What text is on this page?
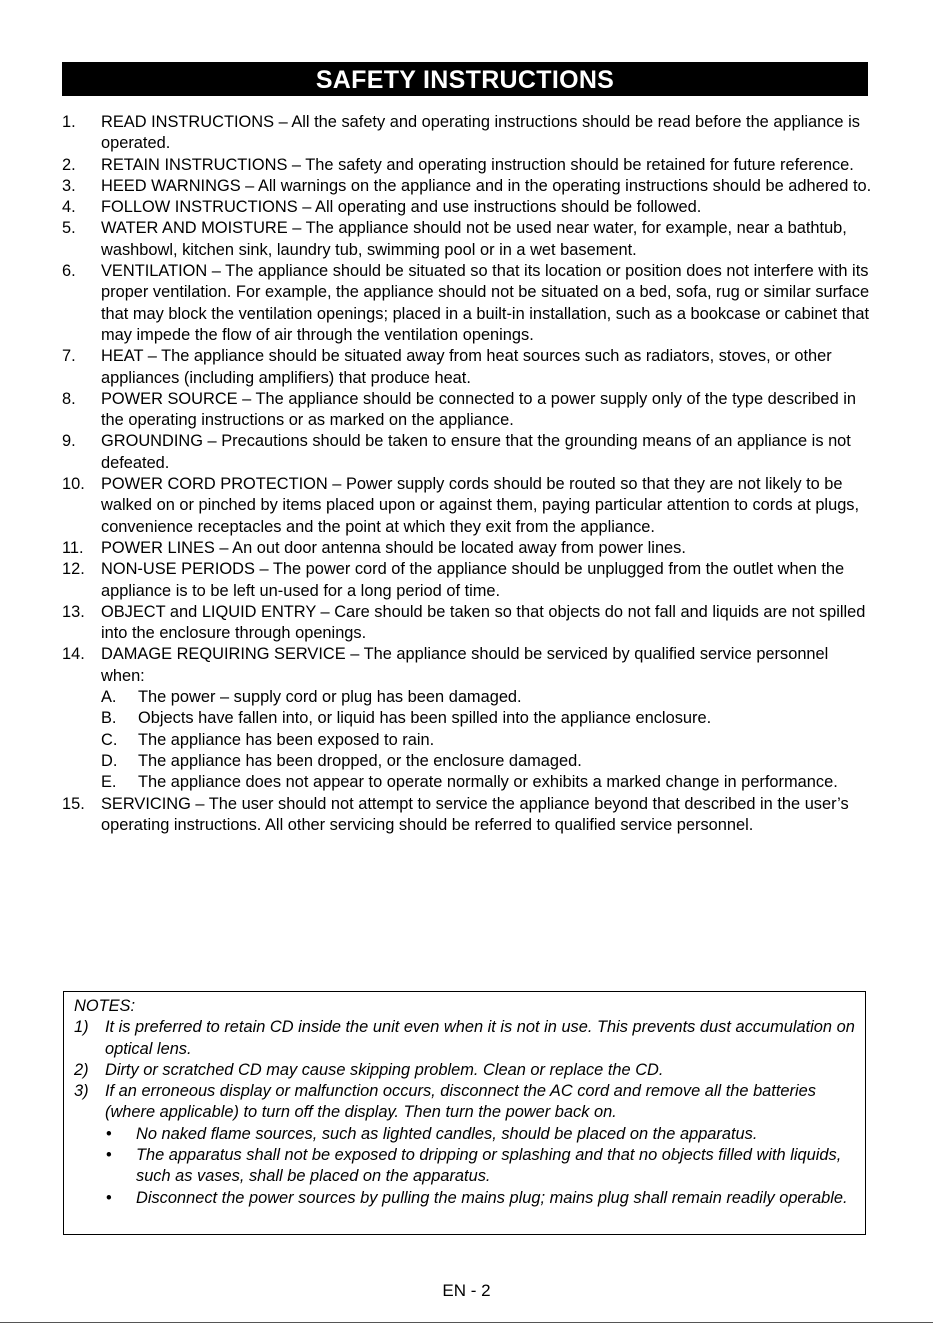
SAFETY INSTRUCTIONS
1. READ INSTRUCTIONS – All the safety and operating instructions should be read before the appliance is operated.
2. RETAIN INSTRUCTIONS – The safety and operating instruction should be retained for future reference.
3. HEED WARNINGS – All warnings on the appliance and in the operating instructions should be adhered to.
4. FOLLOW INSTRUCTIONS – All operating and use instructions should be followed.
5. WATER AND MOISTURE – The appliance should not be used near water, for example, near a bathtub, washbowl, kitchen sink, laundry tub, swimming pool or in a wet basement.
6. VENTILATION – The appliance should be situated so that its location or position does not interfere with its proper ventilation. For example, the appliance should not be situated on a bed, sofa, rug or similar surface that may block the ventilation openings; placed in a built-in installation, such as a bookcase or cabinet that may impede the flow of air through the ventilation openings.
7. HEAT – The appliance should be situated away from heat sources such as radiators, stoves, or other appliances (including amplifiers) that produce heat.
8. POWER SOURCE – The appliance should be connected to a power supply only of the type described in the operating instructions or as marked on the appliance.
9. GROUNDING – Precautions should be taken to ensure that the grounding means of an appliance is not defeated.
10. POWER CORD PROTECTION – Power supply cords should be routed so that they are not likely to be walked on or pinched by items placed upon or against them, paying particular attention to cords at plugs, convenience receptacles and the point at which they exit from the appliance.
11. POWER LINES – An out door antenna should be located away from power lines.
12. NON-USE PERIODS – The power cord of the appliance should be unplugged from the outlet when the appliance is to be left un-used for a long period of time.
13. OBJECT and LIQUID ENTRY – Care should be taken so that objects do not fall and liquids are not spilled into the enclosure through openings.
14. DAMAGE REQUIRING SERVICE – The appliance should be serviced by qualified service personnel when:
A. The power – supply cord or plug has been damaged.
B. Objects have fallen into, or liquid has been spilled into the appliance enclosure.
C. The appliance has been exposed to rain.
D. The appliance has been dropped, or the enclosure damaged.
E. The appliance does not appear to operate normally or exhibits a marked change in performance.
15. SERVICING – The user should not attempt to service the appliance beyond that described in the user’s operating instructions. All other servicing should be referred to qualified service personnel.
NOTES:
1) It is preferred to retain CD inside the unit even when it is not in use. This prevents dust accumulation on optical lens.
2) Dirty or scratched CD may cause skipping problem. Clean or replace the CD.
3) If an erroneous display or malfunction occurs, disconnect the AC cord and remove all the batteries (where applicable) to turn off the display. Then turn the power back on.
• No naked flame sources, such as lighted candles, should be placed on the apparatus.
• The apparatus shall not be exposed to dripping or splashing and that no objects filled with liquids, such as vases, shall be placed on the apparatus.
• Disconnect the power sources by pulling the mains plug; mains plug shall remain readily operable.
EN - 2
